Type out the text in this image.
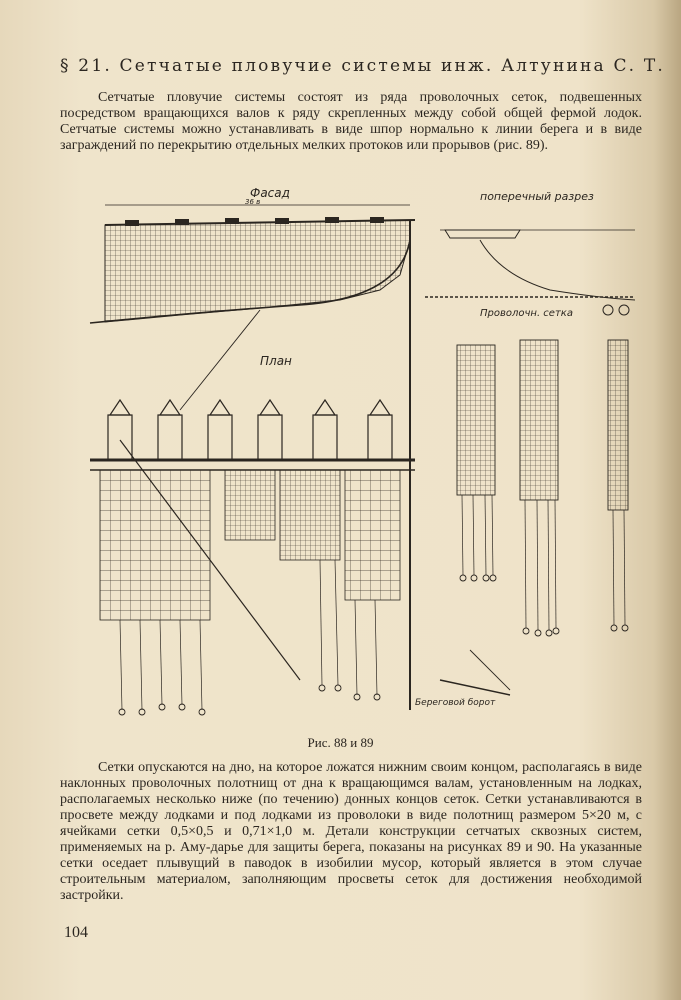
§ 21. Сетчатые пловучие системы инж. Алтунина С. Т.
Сетчатые пловучие системы состоят из ряда проволочных сеток, подвешенных посредством вращающихся валов к ряду скрепленных между собой общей фермой лодок. Сетчатые системы можно устанавливать в виде шпор нормально к линии берега и в виде заграждений по перекрытию отдельных мелких протоков или прорывов (рис. 89).
Фасад
36 в	поперечный разрез
Проволочн. сетка
План
Береговой борот
Рис. 88 и 89
Сетки опускаются на дно, на которое ложатся нижним своим концом, располагаясь в виде наклонных проволочных полотнищ от дна к вращающимся валам, установленным на лодках, располагаемых несколько ниже (по течению) донных концов сеток. Сетки устанавливаются в просвете между лодками и под лодками из проволоки в виде полотнищ размером 5×20 м, с ячейками сетки 0,5×0,5 и 0,71×1,0 м. Детали конструкции сетчатых сквозных систем, применяемых на р. Аму-дарье для защиты берега, показаны на рисунках 89 и 90. На указанные сетки оседает плывущий в паводок в изобилии мусор, который является в этом случае строительным материалом, заполняющим просветы сеток для достижения необходимой застройки.
104
